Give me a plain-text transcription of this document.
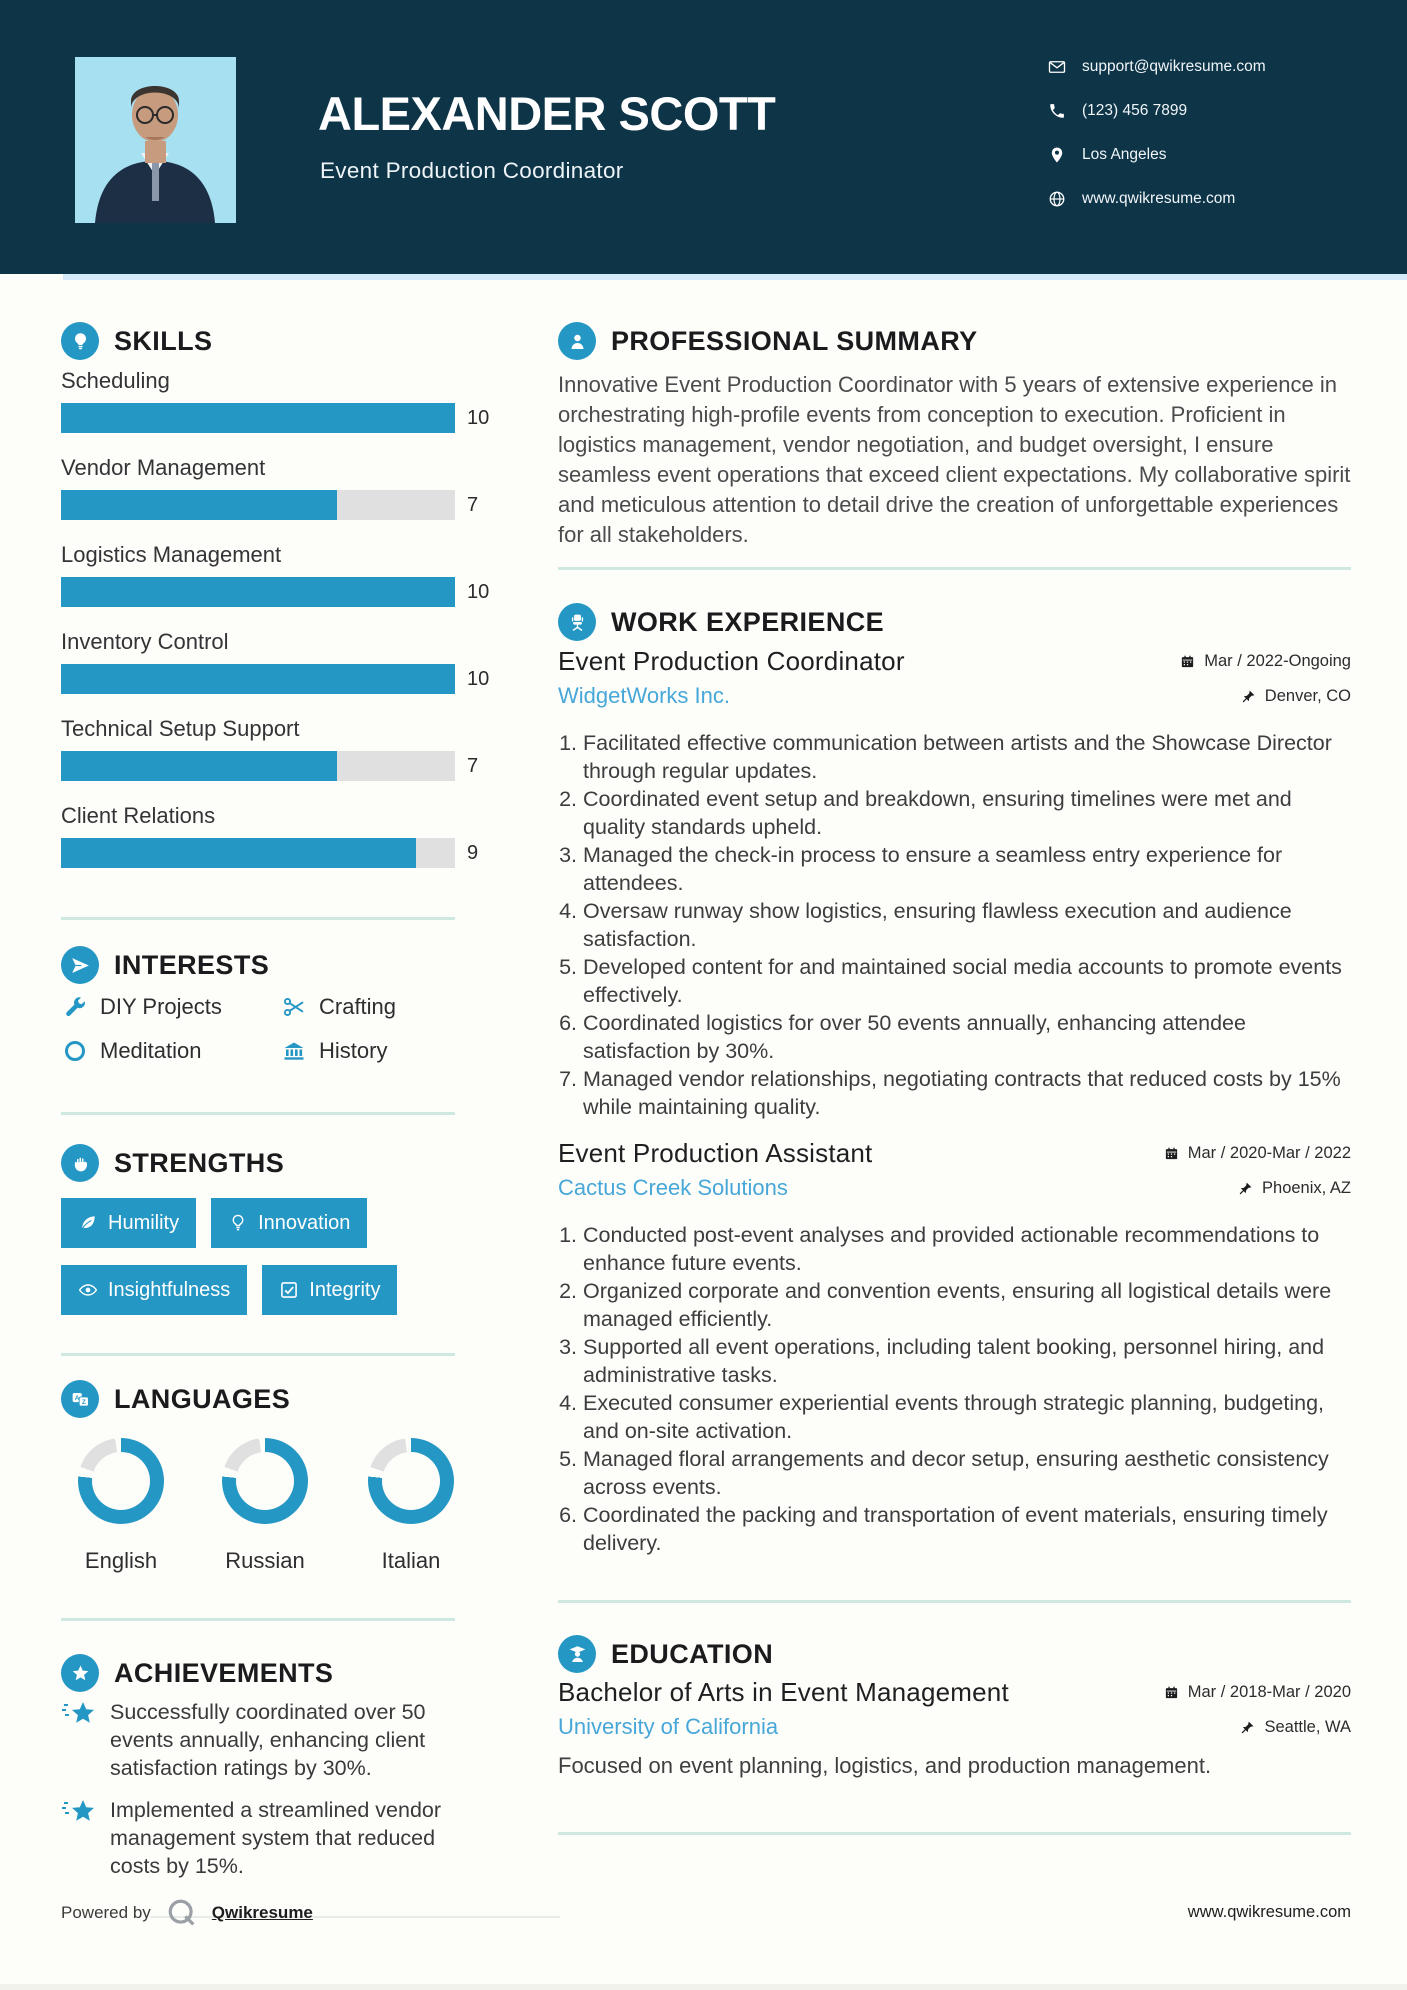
ALEXANDER SCOTT
Event Production Coordinator
support@qwikresume.com
(123) 456 7899
Los Angeles
www.qwikresume.com
SKILLS
Scheduling
10
Vendor Management
7
Logistics Management
10
Inventory Control
10
Technical Setup Support
7
Client Relations
9
INTERESTS
DIY Projects	Crafting
Meditation	History
STRENGTHS
Humility	Innovation
Insightfulness	Integrity
A
Z LANGUAGES
English	Russian	Italian
ACHIEVEMENTS
Successfully coordinated over 50 events annually, enhancing client satisfaction ratings by 30%.
Implemented a streamlined vendor management system that reduced costs by 15%.
Powered by	Qwikresume
PROFESSIONAL SUMMARY
Innovative Event Production Coordinator with 5 years of extensive experience in orchestrating high-profile events from conception to execution. Proficient in logistics management, vendor negotiation, and budget oversight, I ensure seamless event operations that exceed client expectations. My collaborative spirit and meticulous attention to detail drive the creation of unforgettable experiences for all stakeholders.
WORK EXPERIENCE
Event Production Coordinator	Mar / 2022-Ongoing
WidgetWorks Inc.	Denver, CO
1. Facilitated effective communication between artists and the Showcase Director through regular updates.
2. Coordinated event setup and breakdown, ensuring timelines were met and quality standards upheld.
3. Managed the check-in process to ensure a seamless entry experience for attendees.
4. Oversaw runway show logistics, ensuring flawless execution and audience satisfaction.
5. Developed content for and maintained social media accounts to promote events effectively.
6. Coordinated logistics for over 50 events annually, enhancing attendee satisfaction by 30%.
7. Managed vendor relationships, negotiating contracts that reduced costs by 15% while maintaining quality.
Event Production Assistant	Mar / 2020-Mar / 2022
Cactus Creek Solutions	Phoenix, AZ
1. Conducted post-event analyses and provided actionable recommendations to enhance future events.
2. Organized corporate and convention events, ensuring all logistical details were managed efficiently.
3. Supported all event operations, including talent booking, personnel hiring, and administrative tasks.
4. Executed consumer experiential events through strategic planning, budgeting, and on-site activation.
5. Managed floral arrangements and decor setup, ensuring aesthetic consistency across events.
6. Coordinated the packing and transportation of event materials, ensuring timely delivery.
EDUCATION
Bachelor of Arts in Event Management	Mar / 2018-Mar / 2020
University of California	Seattle, WA
Focused on event planning, logistics, and production management.
www.qwikresume.com
